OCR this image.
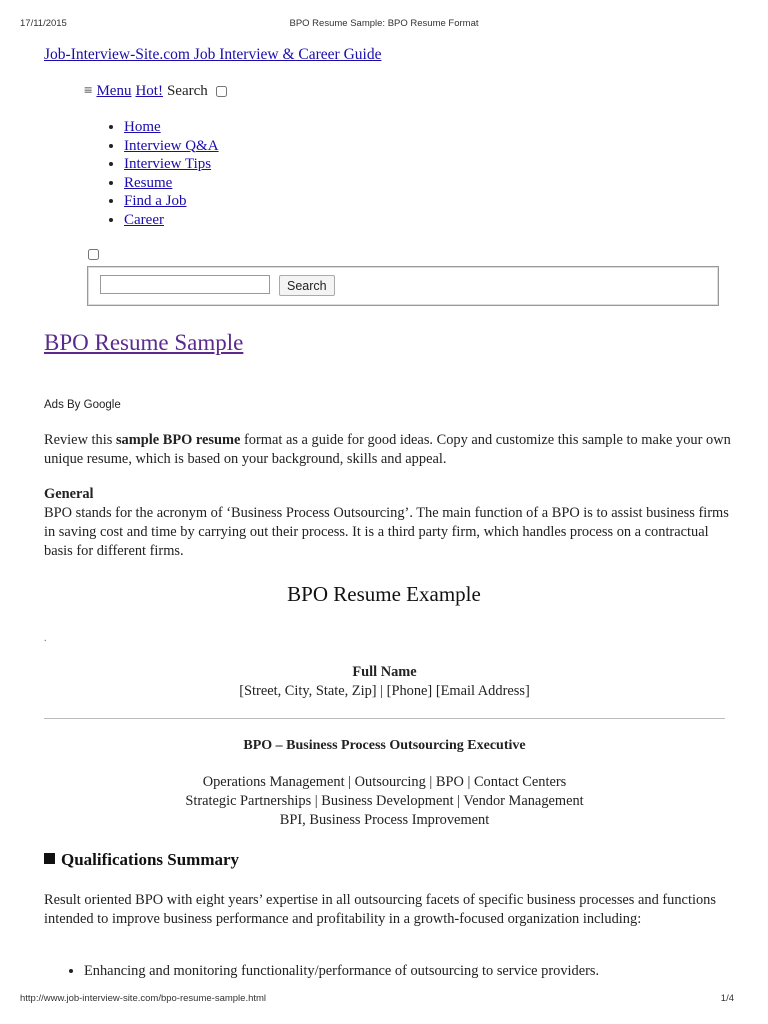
17/11/2015	BPO Resume Sample: BPO Resume Format
Job-Interview-Site.com Job Interview & Career Guide
≡ Menu Hot! Search
• Home
• Interview Q&A
• Interview Tips
• Resume
• Find a Job
• Career
Search
BPO Resume Sample
Ads By Google
Review this sample BPO resume format as a guide for good ideas. Copy and customize this sample to make your own unique resume, which is based on your background, skills and appeal.
General
BPO stands for the acronym of ‘Business Process Outsourcing’. The main function of a BPO is to assist business firms in saving cost and time by carrying out their process. It is a third party firm, which handles process on a contractual basis for different firms.
BPO Resume Example
.
Full Name
[Street, City, State, Zip] | [Phone] [Email Address]
BPO – Business Process Outsourcing Executive
Operations Management | Outsourcing | BPO | Contact Centers
Strategic Partnerships | Business Development | Vendor Management
BPI, Business Process Improvement
Qualifications Summary
Result oriented BPO with eight years’ expertise in all outsourcing facets of specific business processes and functions intended to improve business performance and profitability in a growth-focused organization including:
• Enhancing and monitoring functionality/performance of outsourcing to service providers.
http://www.job-interview-site.com/bpo-resume-sample.html	1/4
